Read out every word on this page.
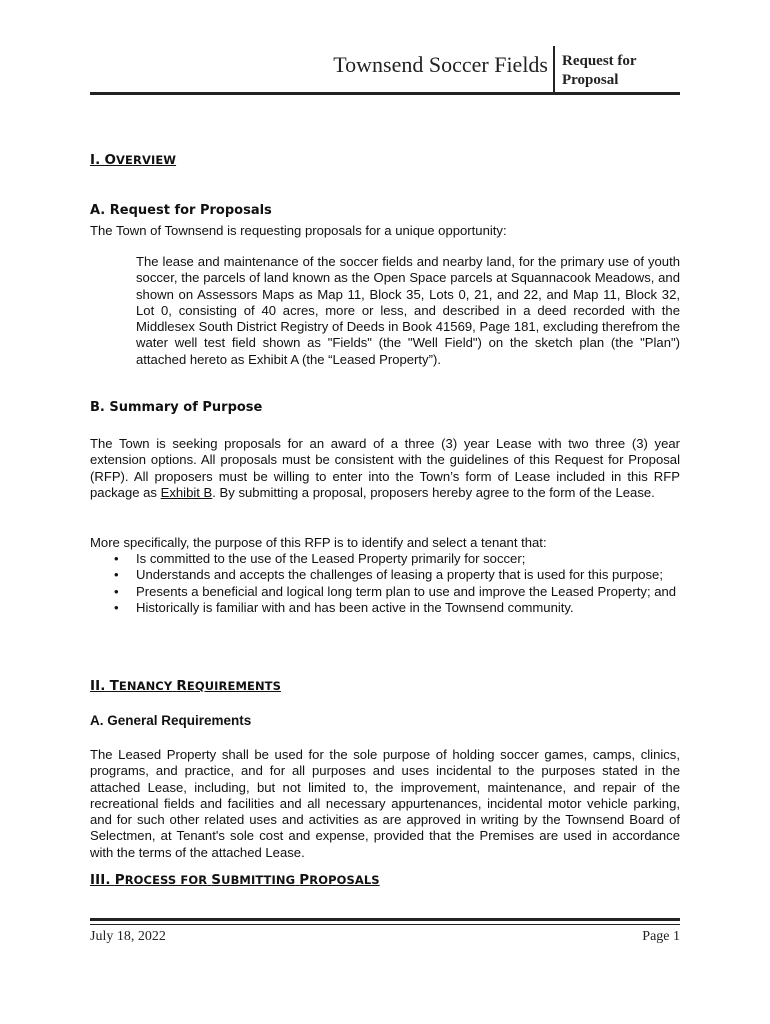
Townsend Soccer Fields Request for
Proposal
I. OVERVIEW
A. Request for Proposals

The Town of Townsend is requesting proposals for a unique opportunity:

The lease and maintenance of the soccer fields and nearby land, for the primary use of youth soccer, the parcels of land known as the Open Space parcels at Squannacook Meadows, and shown on Assessors Maps as Map 11, Block 35, Lots 0, 21, and 22, and Map 11, Block 32, Lot 0, consisting of 40 acres, more or less, and described in a deed recorded with the Middlesex South District Registry of Deeds in Book 41569, Page 181, excluding therefrom the water well test field shown as "Fields" (the "Well Field") on the sketch plan (the "Plan") attached hereto as Exhibit A (the “Leased Property”).

B. Summary of Purpose

The Town is seeking proposals for an award of a three (3) year Lease with two three (3) year extension options. All proposals must be consistent with the guidelines of this Request for Proposal (RFP). All proposers must be willing to enter into the Town’s form of Lease included in this RFP package as Exhibit B. By submitting a proposal, proposers hereby agree to the form of the Lease.

More specifically, the purpose of this RFP is to identify and select a tenant that:

• Is committed to the use of the Leased Property primarily for soccer;
• Understands and accepts the challenges of leasing a property that is used for this purpose;
• Presents a beneficial and logical long term plan to use and improve the Leased Property; and
• Historically is familiar with and has been active in the Townsend community.
II. TENANCY REQUIREMENTS
A. General Requirements

The Leased Property shall be used for the sole purpose of holding soccer games, camps, clinics, programs, and practice, and for all purposes and uses incidental to the purposes stated in the attached Lease, including, but not limited to, the improvement, maintenance, and repair of the recreational fields and facilities and all necessary appurtenances, incidental motor vehicle parking, and for such other related uses and activities as are approved in writing by the Townsend Board of Selectmen, at Tenant's sole cost and expense, provided that the Premises are used in accordance with the terms of the attached Lease.

III. PROCESS FOR SUBMITTING PROPOSALS
July 18, 2022	Page 1
